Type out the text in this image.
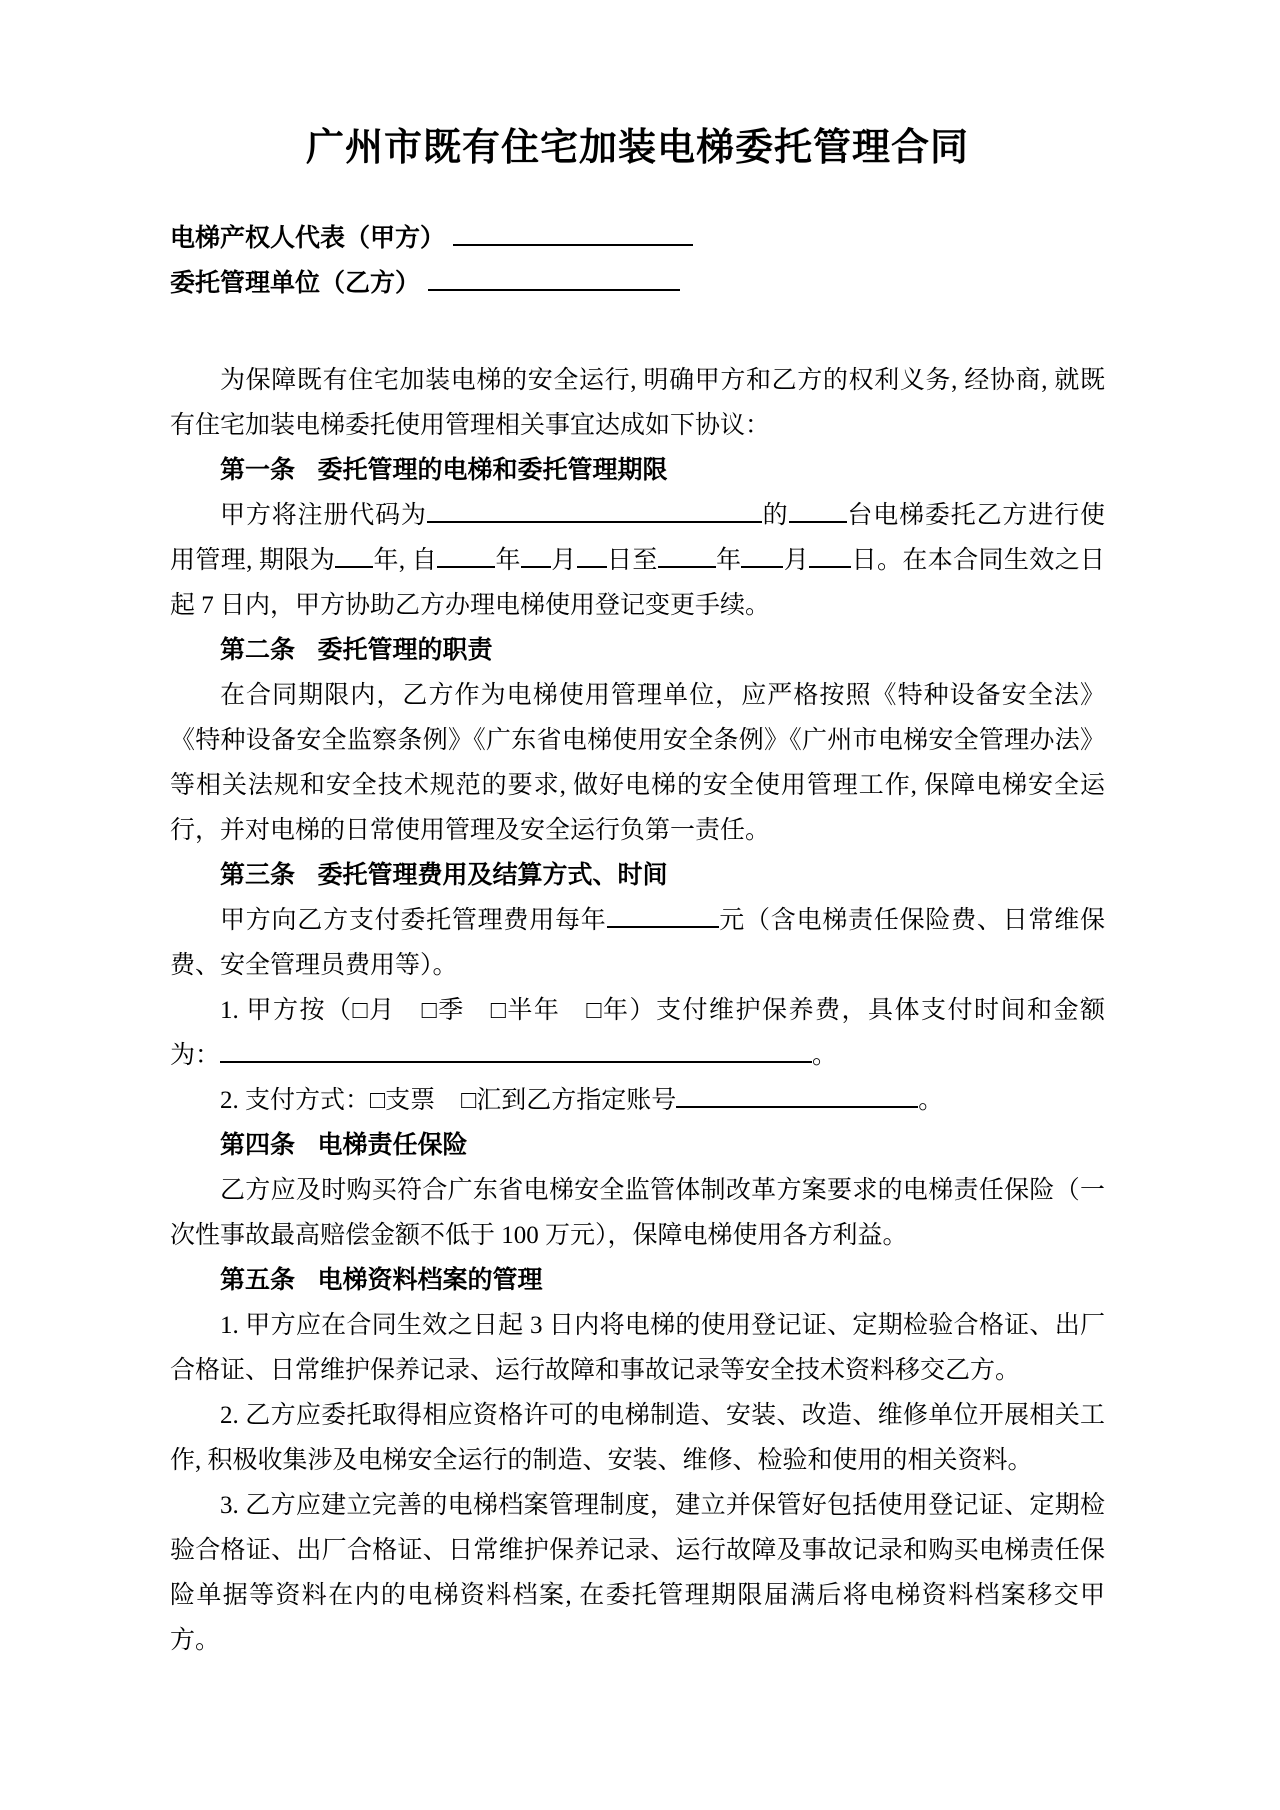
广州市既有住宅加装电梯委托管理合同
电梯产权人代表（甲方）
委托管理单位（乙方）

为保障既有住宅加装电梯的安全运行, 明确甲方和乙方的权利义务, 经协商, 就既有住宅加装电梯委托使用管理相关事宜达成如下协议：

第一条 委托管理的电梯和委托管理期限

甲方将注册代码为	的 台电梯委托乙方进行使用管理, 期限为 年, 自 年 月 日至 年 月 日。在本合同生效之日起 7 日内，甲方协助乙方办理电梯使用登记变更手续。

第二条 委托管理的职责

在合同期限内，乙方作为电梯使用管理单位，应严格按照《特种设备安全法》《特种设备安全监察条例》《广东省电梯使用安全条例》《广州市电梯安全管理办法》等相关法规和安全技术规范的要求, 做好电梯的安全使用管理工作, 保障电梯安全运行，并对电梯的日常使用管理及安全运行负第一责任。

第三条 委托管理费用及结算方式、时间

甲方向乙方支付委托管理费用每年	元（含电梯责任保险费、日常维保费、安全管理员费用等）。

1. 甲方按（□月 □季 □半年 □年）支付维护保养费，具体支付时间和金额为：	。

2. 支付方式：□支票 □汇到乙方指定账号	。

第四条 电梯责任保险

乙方应及时购买符合广东省电梯安全监管体制改革方案要求的电梯责任保险（一次性事故最高赔偿金额不低于 100 万元），保障电梯使用各方利益。

第五条 电梯资料档案的管理

1. 甲方应在合同生效之日起 3 日内将电梯的使用登记证、定期检验合格证、出厂合格证、日常维护保养记录、运行故障和事故记录等安全技术资料移交乙方。

2. 乙方应委托取得相应资格许可的电梯制造、安装、改造、维修单位开展相关工作, 积极收集涉及电梯安全运行的制造、安装、维修、检验和使用的相关资料。

3. 乙方应建立完善的电梯档案管理制度，建立并保管好包括使用登记证、定期检验合格证、出厂合格证、日常维护保养记录、运行故障及事故记录和购买电梯责任保险单据等资料在内的电梯资料档案, 在委托管理期限届满后将电梯资料档案移交甲方。
